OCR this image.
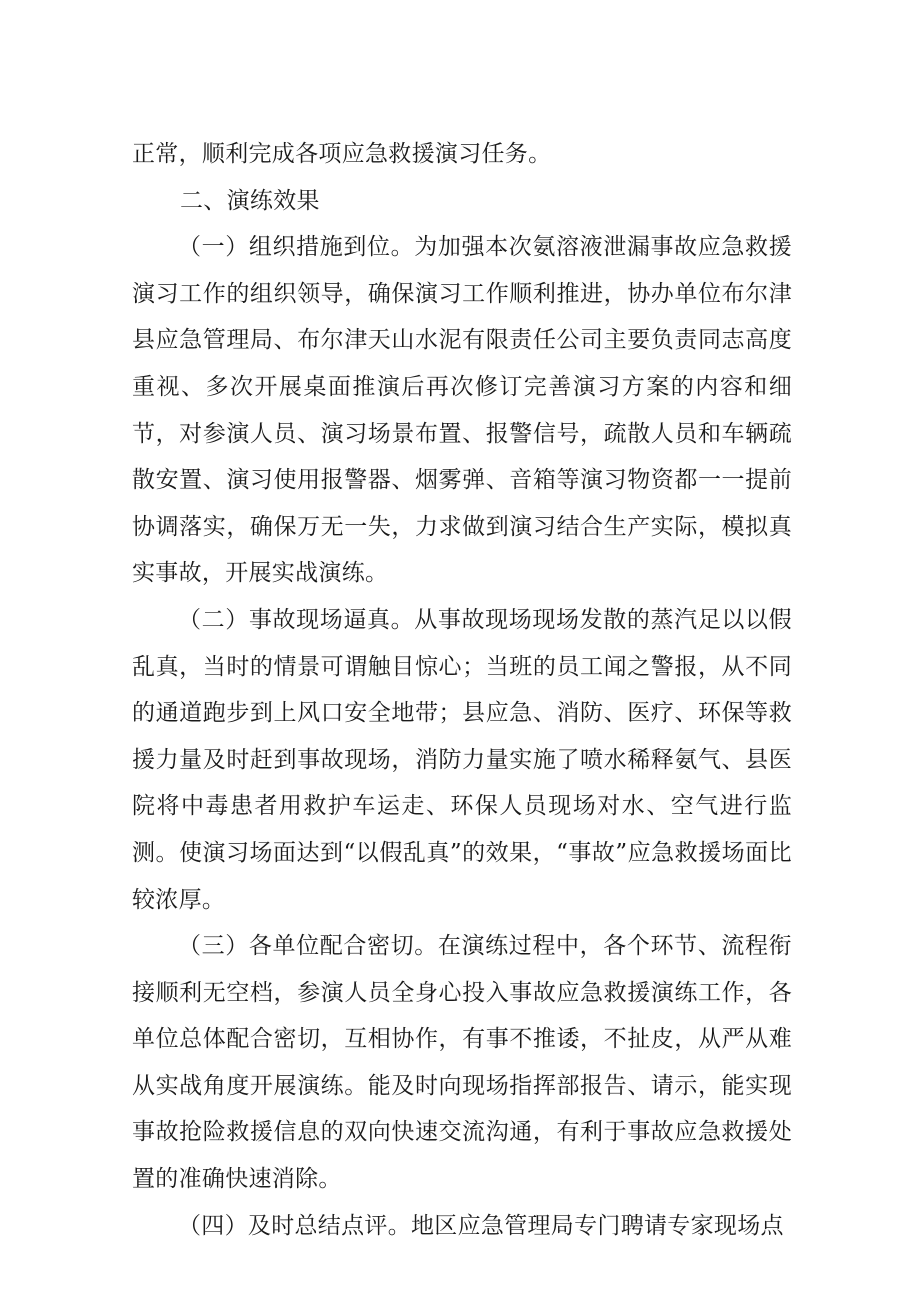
正常，顺利完成各项应急救援演习任务。

二、演练效果

（一）组织措施到位。为加强本次氨溶液泄漏事故应急救援演习工作的组织领导，确保演习工作顺利推进，协办单位布尔津县应急管理局、布尔津天山水泥有限责任公司主要负责同志高度重视、多次开展桌面推演后再次修订完善演习方案的内容和细节，对参演人员、演习场景布置、报警信号，疏散人员和车辆疏散安置、演习使用报警器、烟雾弹、音箱等演习物资都一一提前协调落实，确保万无一失，力求做到演习结合生产实际，模拟真实事故，开展实战演练。

（二）事故现场逼真。从事故现场现场发散的蒸汽足以以假乱真，当时的情景可谓触目惊心；当班的员工闻之警报，从不同的通道跑步到上风口安全地带；县应急、消防、医疗、环保等救援力量及时赶到事故现场，消防力量实施了喷水稀释氨气、县医院将中毒患者用救护车运走、环保人员现场对水、空气进行监测。使演习场面达到“以假乱真”的效果，“事故”应急救援场面比较浓厚。

（三）各单位配合密切。在演练过程中，各个环节、流程衔接顺利无空档，参演人员全身心投入事故应急救援演练工作，各单位总体配合密切，互相协作，有事不推诿，不扯皮，从严从难从实战角度开展演练。能及时向现场指挥部报告、请示，能实现事故抢险救援信息的双向快速交流沟通，有利于事故应急救援处置的准确快速消除。

（四）及时总结点评。地区应急管理局专门聘请专家现场点
